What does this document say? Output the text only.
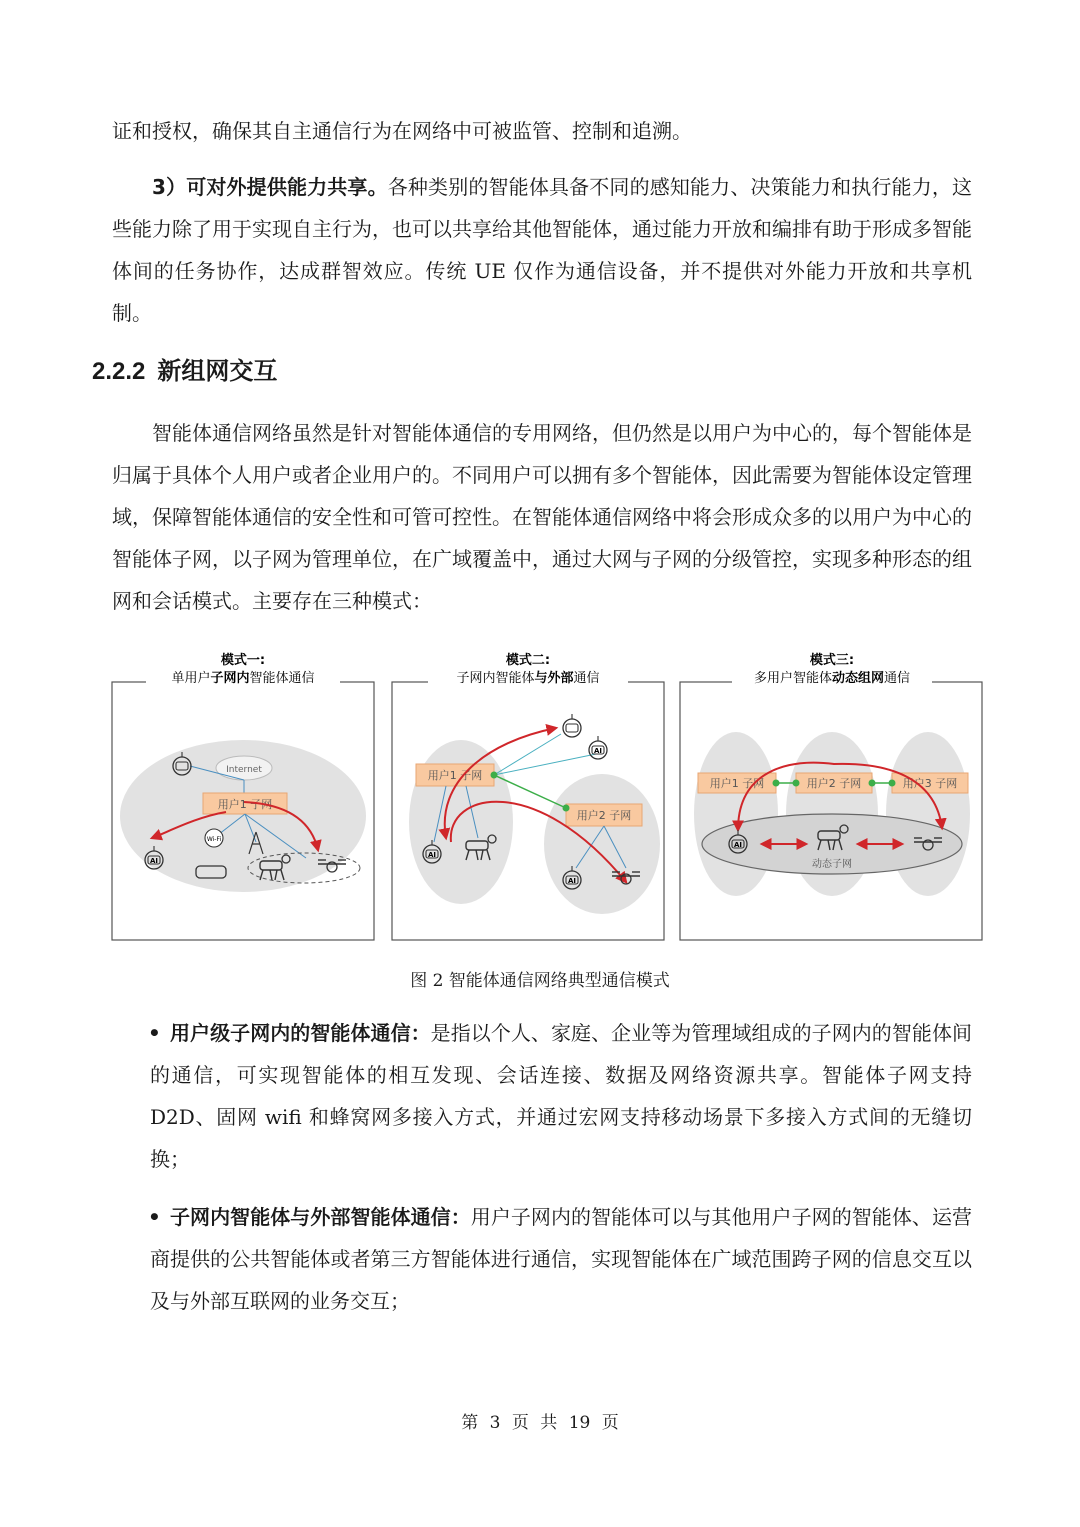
证和授权，确保其自主通信行为在网络中可被监管、控制和追溯。

3）可对外提供能力共享。各种类别的智能体具备不同的感知能力、决策能力和执行能力，这些能力除了用于实现自主行为，也可以共享给其他智能体，通过能力开放和编排有助于形成多智能体间的任务协作，达成群智效应。传统 UE 仅作为通信设备，并不提供对外能力开放和共享机制。

2.2.2 新组网交互

智能体通信网络虽然是针对智能体通信的专用网络，但仍然是以用户为中心的，每个智能体是归属于具体个人用户或者企业用户的。不同用户可以拥有多个智能体，因此需要为智能体设定管理域，保障智能体通信的安全性和可管可控性。在智能体通信网络中将会形成众多的以用户为中心的智能体子网，以子网为管理单位，在广域覆盖中，通过大网与子网的分级管控，实现多种形态的组网和会话模式。主要存在三种模式：

模式一:
单用户子网内智能体通信
Internet
用户1 子网
AI
Wi-Fi
模式二:
子网内智能体与外部通信
用户1 子网
用户2 子网
AI
AI
AI
模式三:
多用户智能体动态组网通信
用户1 子网	用户2 子网	用户3 子网
AI
动态子网
图 2 智能体通信网络典型通信模式

• 用户级子网内的智能体通信：是指以个人、家庭、企业等为管理域组成的子网内的智能体间的通信，可实现智能体的相互发现、会话连接、数据及网络资源共享。智能体子网支持 D2D、固网 wifi 和蜂窝网多接入方式，并通过宏网支持移动场景下多接入方式间的无缝切换；

• 子网内智能体与外部智能体通信：用户子网内的智能体可以与其他用户子网的智能体、运营商提供的公共智能体或者第三方智能体进行通信，实现智能体在广域范围跨子网的信息交互以及与外部互联网的业务交互；

第 3 页 共 19 页
